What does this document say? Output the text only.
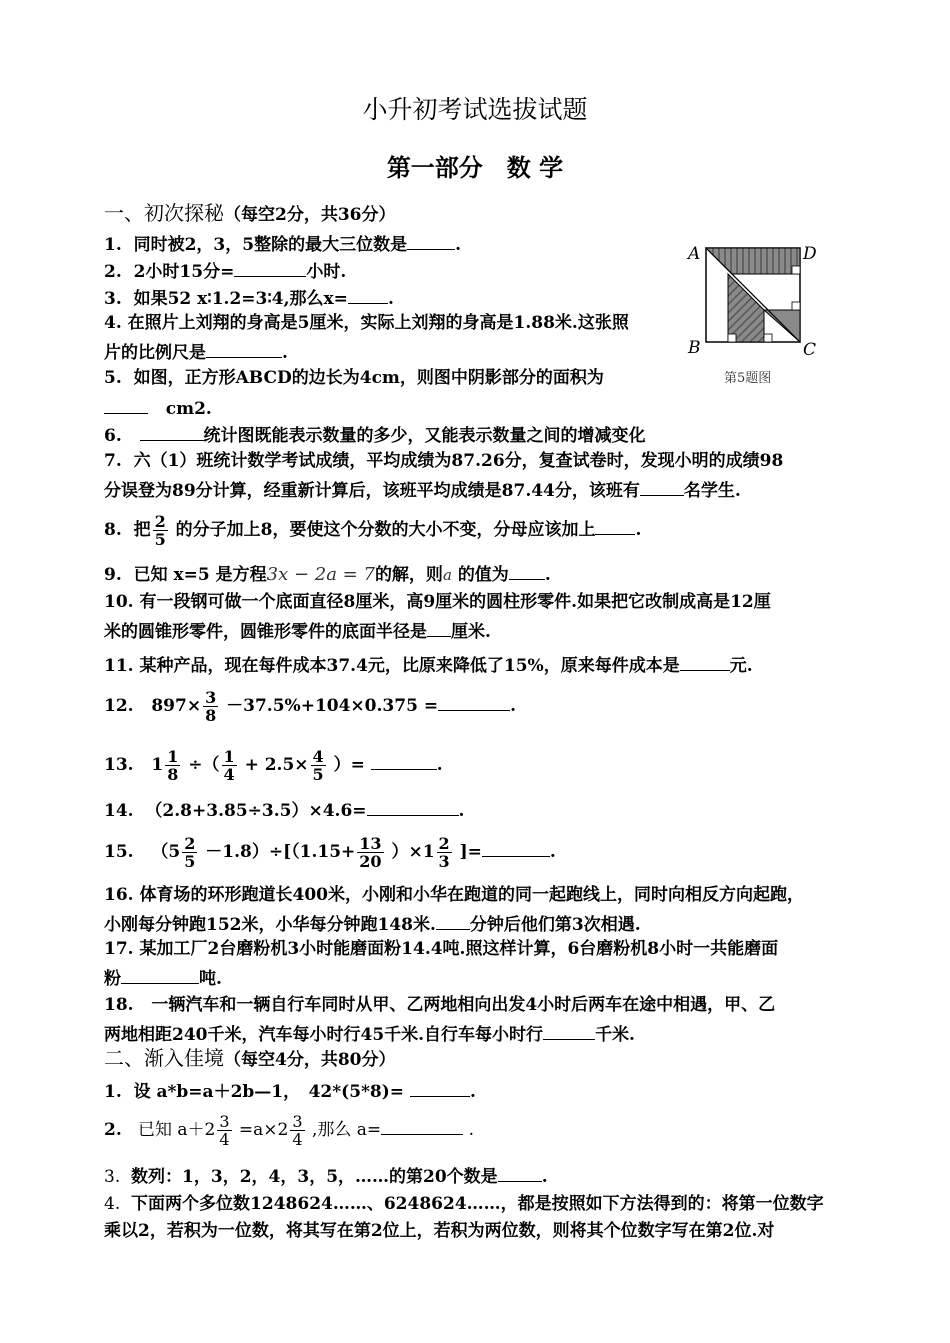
小升初考试选拔试题
第一部分　数 学
一、初次探秘（每空2分，共36分）
1. 同时被2，3，5整除的最大三位数是	.
2. 2小时15分=	小时.
3. 如果52 x∶1.2=3∶4,那么x= .
4. 在照片上刘翔的身高是5厘米，实际上刘翔的身高是1.88米.这张照
片的比例尺是	.
5. 如图，正方形ABCD的边长为4cm，则图中阴影部分的面积为
cm2.
A	D
B	C
第5题图
6.	统计图既能表示数量的多少，又能表示数量之间的增减变化
7. 六（1）班统计数学考试成绩，平均成绩为87.26分，复查试卷时，发现小明的成绩98
分误登为89分计算，经重新计算后，该班平均成绩是87.44分，该班有	名学生.
8. 把 $\frac{2}{5}$ 的分子加上8，要使这个分数的大小不变，分母应该加上 .
9. 已知 x=5 是方程3x − 2a = 7的解，则a 的值为 .
10. 有一段钢可做一个底面直径8厘米，高9厘米的圆柱形零件.如果把它改制成高是12厘
米的圆锥形零件，圆锥形零件的底面半径是 厘米.
11. 某种产品，现在每件成本37.4元，比原来降低了15%，原来每件成本是	元.
12. $897\times \frac{3}{8} -37.5\%+104\times 0.375$ =	.
13. $1 \frac{1}{8}$ ÷（ $\frac{1}{4} + 2.5\times \frac{4}{5}$ ）=	.
14. （2.8+3.85÷3.5）×4.6=	.
15. $(5 \frac{2}{5} -1.8)\div[(1.15+ \frac{13}{20} )\times 1 \frac{2}{3}$ ]=	.
16. 体育场的环形跑道长400米，小刚和小华在跑道的同一起跑线上，同时向相反方向起跑，
小刚每分钟跑152米，小华每分钟跑148米. 分钟后他们第3次相遇.
17. 某加工厂2台磨粉机3小时能磨面粉14.4吨.照这样计算，6台磨粉机8小时一共能磨面
粉	吨.
18. 一辆汽车和一辆自行车同时从甲、乙两地相向出发4小时后两车在途中相遇，甲、乙
两地相距240千米，汽车每小时行45千米.自行车每小时行	千米.
二、渐入佳境（每空4分，共80分）
1. 设 a*b=a＋2b—1，　42*(5*8)=	.
2. 已知 $a+2 \frac{3}{4} =a\times 2 \frac{3}{4}$ ,那么 a=	.
3. 数列：1，3，2，4，3，5，……的第20个数是	.
4. 下面两个多位数1248624……、6248624……，都是按照如下方法得到的：将第一位数字
乘以2，若积为一位数，将其写在第2位上，若积为两位数，则将其个位数字写在第2位.对
